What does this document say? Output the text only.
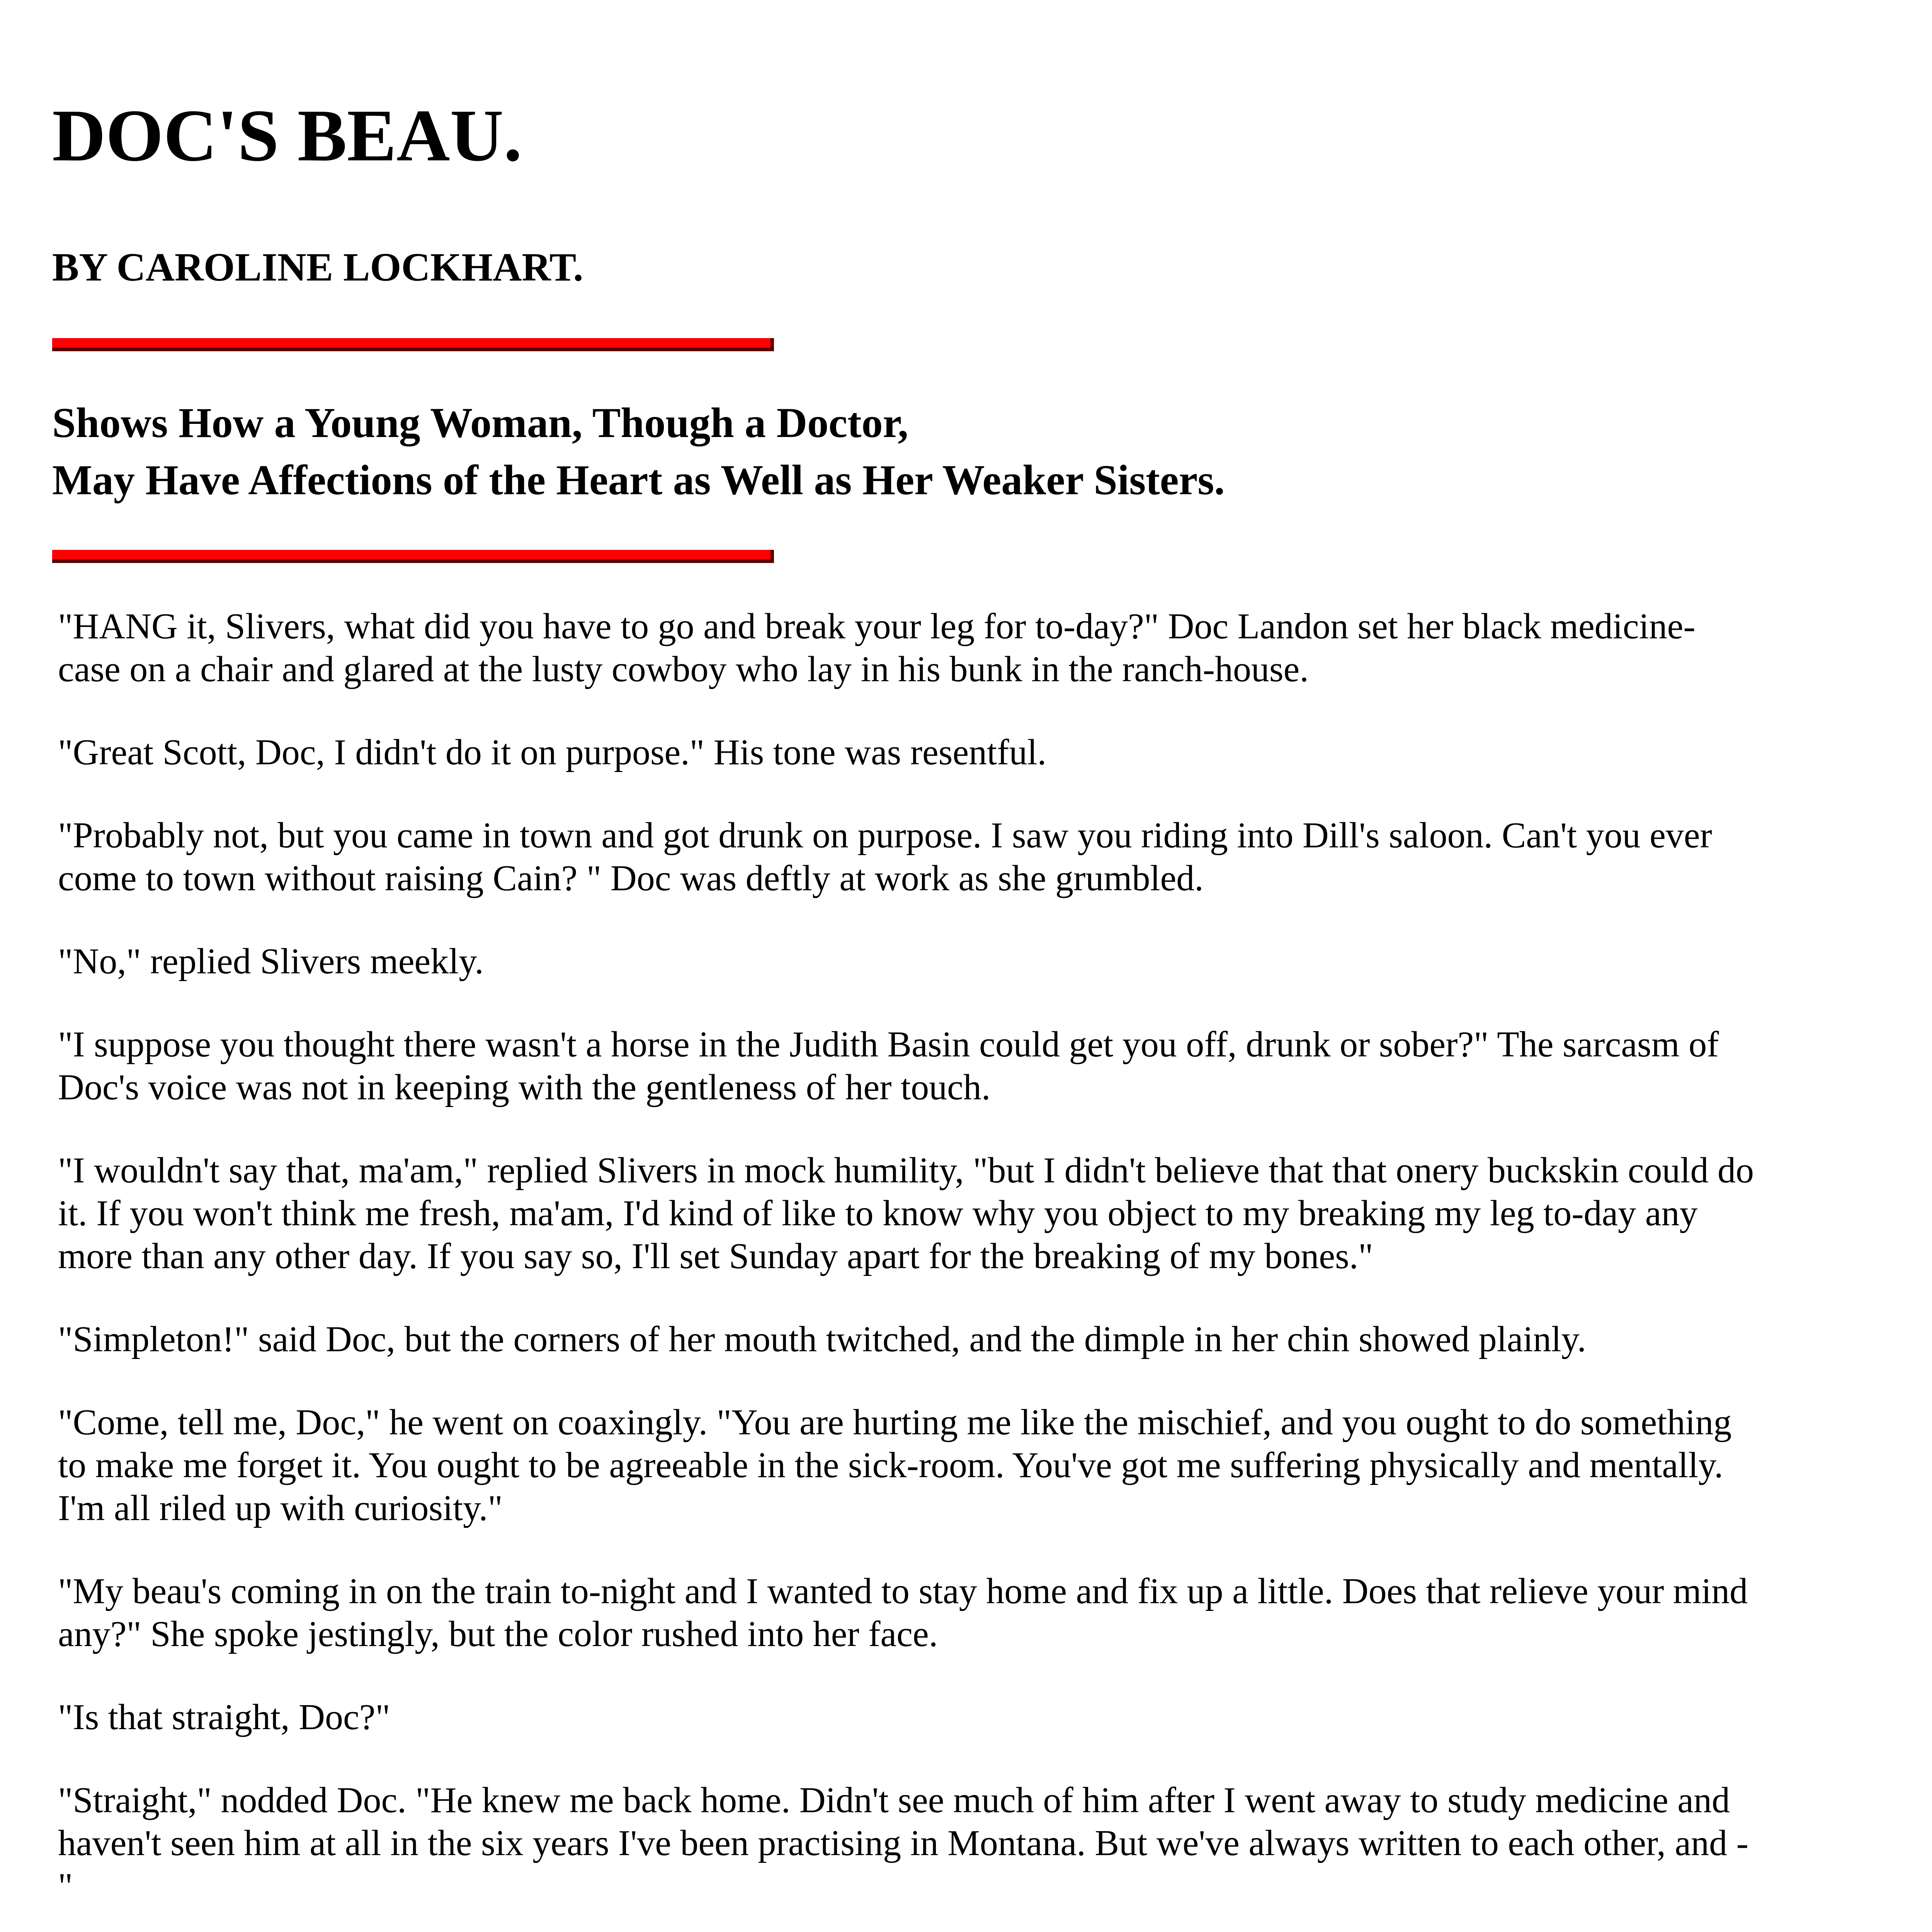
DOC'S BEAU.
BY CAROLINE LOCKHART.
Shows How a Young Woman, Though a Doctor,
May Have Affections of the Heart as Well as Her Weaker Sisters.

"HANG it, Slivers, what did you have to go and break your leg for to-day?" Doc Landon set her black medicine-case on a chair and glared at the lusty cowboy who lay in his bunk in the ranch-house.

"Great Scott, Doc, I didn't do it on purpose." His tone was resentful.

"Probably not, but you came in town and got drunk on purpose. I saw you riding into Dill's saloon. Can't you ever come to town without raising Cain? " Doc was deftly at work as she grumbled.

"No," replied Slivers meekly.

"I suppose you thought there wasn't a horse in the Judith Basin could get you off, drunk or sober?" The sarcasm of Doc's voice was not in keeping with the gentleness of her touch.

"I wouldn't say that, ma'am," replied Slivers in mock humility, "but I didn't believe that that onery buckskin could do it. If you won't think me fresh, ma'am, I'd kind of like to know why you object to my breaking my leg to-day any more than any other day. If you say so, I'll set Sunday apart for the breaking of my bones."

"Simpleton!" said Doc, but the corners of her mouth twitched, and the dimple in her chin showed plainly.

"Come, tell me, Doc," he went on coaxingly. "You are hurting me like the mischief, and you ought to do something to make me forget it. You ought to be agreeable in the sick-room. You've got me suffering physically and mentally. I'm all riled up with curiosity."

"My beau's coming in on the train to-night and I wanted to stay home and fix up a little. Does that relieve your mind any?" She spoke jestingly, but the color rushed into her face.

"Is that straight, Doc?"

"Straight," nodded Doc. "He knew me back home. Didn't see much of him after I went away to study medicine and haven't seen him at all in the six years I've been practising in Montana. But we've always written to each other, and -"
